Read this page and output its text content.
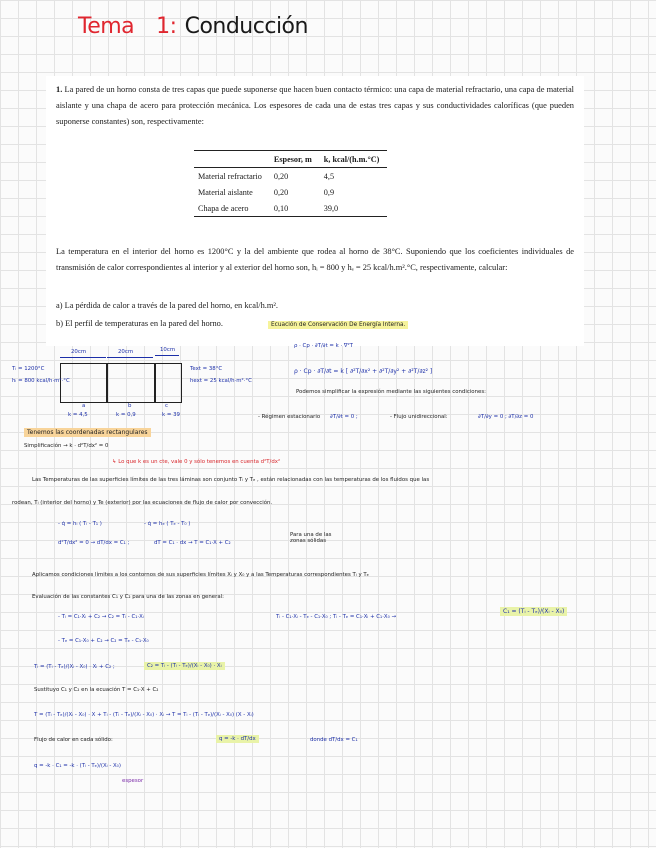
Tema 1: Conducción
1. La pared de un horno consta de tres capas que puede suponerse que hacen buen contacto térmico: una capa de material refractario, una capa de material aislante y una chapa de acero para protección mecánica. Los espesores de cada una de estas tres capas y sus conductividades caloríficas (que pueden suponerse constantes) son, respectivamente:
	Espesor, m	k, kcal/(h.m.°C)
Material refractario	0,20	4,5
Material aislante	0,20	0,9
Chapa de acero	0,10	39,0
La temperatura en el interior del horno es 1200°C y la del ambiente que rodea al horno de 38°C. Suponiendo que los coeficientes individuales de transmisión de calor correspondientes al interior y al exterior del horno son, hᵢ = 800 y hₑ = 25 kcal/h.m².°C, respectivamente, calcular:
a) La pérdida de calor a través de la pared del horno, en kcal/h.m².
b) El perfil de temperaturas en la pared del horno.	Ecuación de Conservación De Energía Interna.
ρ · Cp · ∂T/∂t = k · ∇²T
ρ · Cp · ∂T/∂t = k [ ∂²T/∂x² + ∂²T/∂y² + ∂²T/∂z² ]
Podemos simplificar la expresión mediante las siguientes condiciones:
20cm	20cm	10cm
a	b	c
Tᵢ = 1200°C
hᵢ = 800 kcal/h·m²·°C
Text = 38°C
hext = 25 kcal/h·m²·°C
k = 4,5	k = 0,9	k = 39	- Régimen estacionario ∂T/∂t = 0 ;	- Flujo unidireccional:	∂T/∂y = 0 ; ∂T/∂z = 0
Tenemos las coordenadas rectangulares
Simplificación → k · d²T/dx² = 0
↳ Lo que k es un cte, vale 0 y sólo tenemos en cuenta d²T/dx²
Las Temperaturas de las superficies límites de las tres láminas son conjunto Tᵢ y Tₑ , están relacionadas con las temperaturas de los fluidos que las
rodean, Tᵢ (interior del horno) y Te (exterior) por las ecuaciones de flujo de calor por convección.
- q̇ = hᵢ ( Tᵢ - T₁ )	- q̇ = hₑ ( Tₑ - T₀ )
d²T/dx² = 0 → dT/dx = C₁ ;	dT = C₁ · dx → T = C₁·X + C₂
Para una de las zonas sólidas
Aplicamos condiciones límites a los contornos de sus superficies límites Xᵢ y X₀ y a las Temperaturas correspondientes Tᵢ y Tₑ
Evaluación de las constantes C₁ y C₂ para una de las zonas en general:
- Tᵢ = C₁·Xᵢ + C₂ → C₂ = Tᵢ - C₁·Xᵢ	Tᵢ - C₁·Xᵢ - Tₑ - C₁·X₀ ; Tᵢ - Tₑ = C₁·Xᵢ + C₁·X₀ →
C₁ = (Tᵢ - Tₑ)/(Xᵢ - X₀)
- Tₑ = C₁·X₀ + C₂ → C₂ = Tₑ - C₁·X₀
Tᵢ = (Tᵢ - Tₑ)/(Xᵢ - X₀) · Xᵢ + C₂ ;	C₂ = Tᵢ - (Tᵢ - Tₑ)/(Xᵢ - X₀) · Xᵢ
Sustituyo C₁ y C₂ en la ecuación T = C₁·X + C₂
T = (Tᵢ - Tₑ)/(Xᵢ - X₀) · X + Tᵢ - (Tᵢ - Tₑ)/(Xᵢ - X₀) · Xᵢ → T = Tᵢ - (Tᵢ - Tₑ)/(Xᵢ - X₀) (X - Xᵢ)
Flujo de calor en cada sólido:	q = -k · dT/dx	donde dT/dx = C₁
q = -k · C₁ = -k · (Tᵢ - Tₑ)/(Xᵢ - X₀)
espesor
